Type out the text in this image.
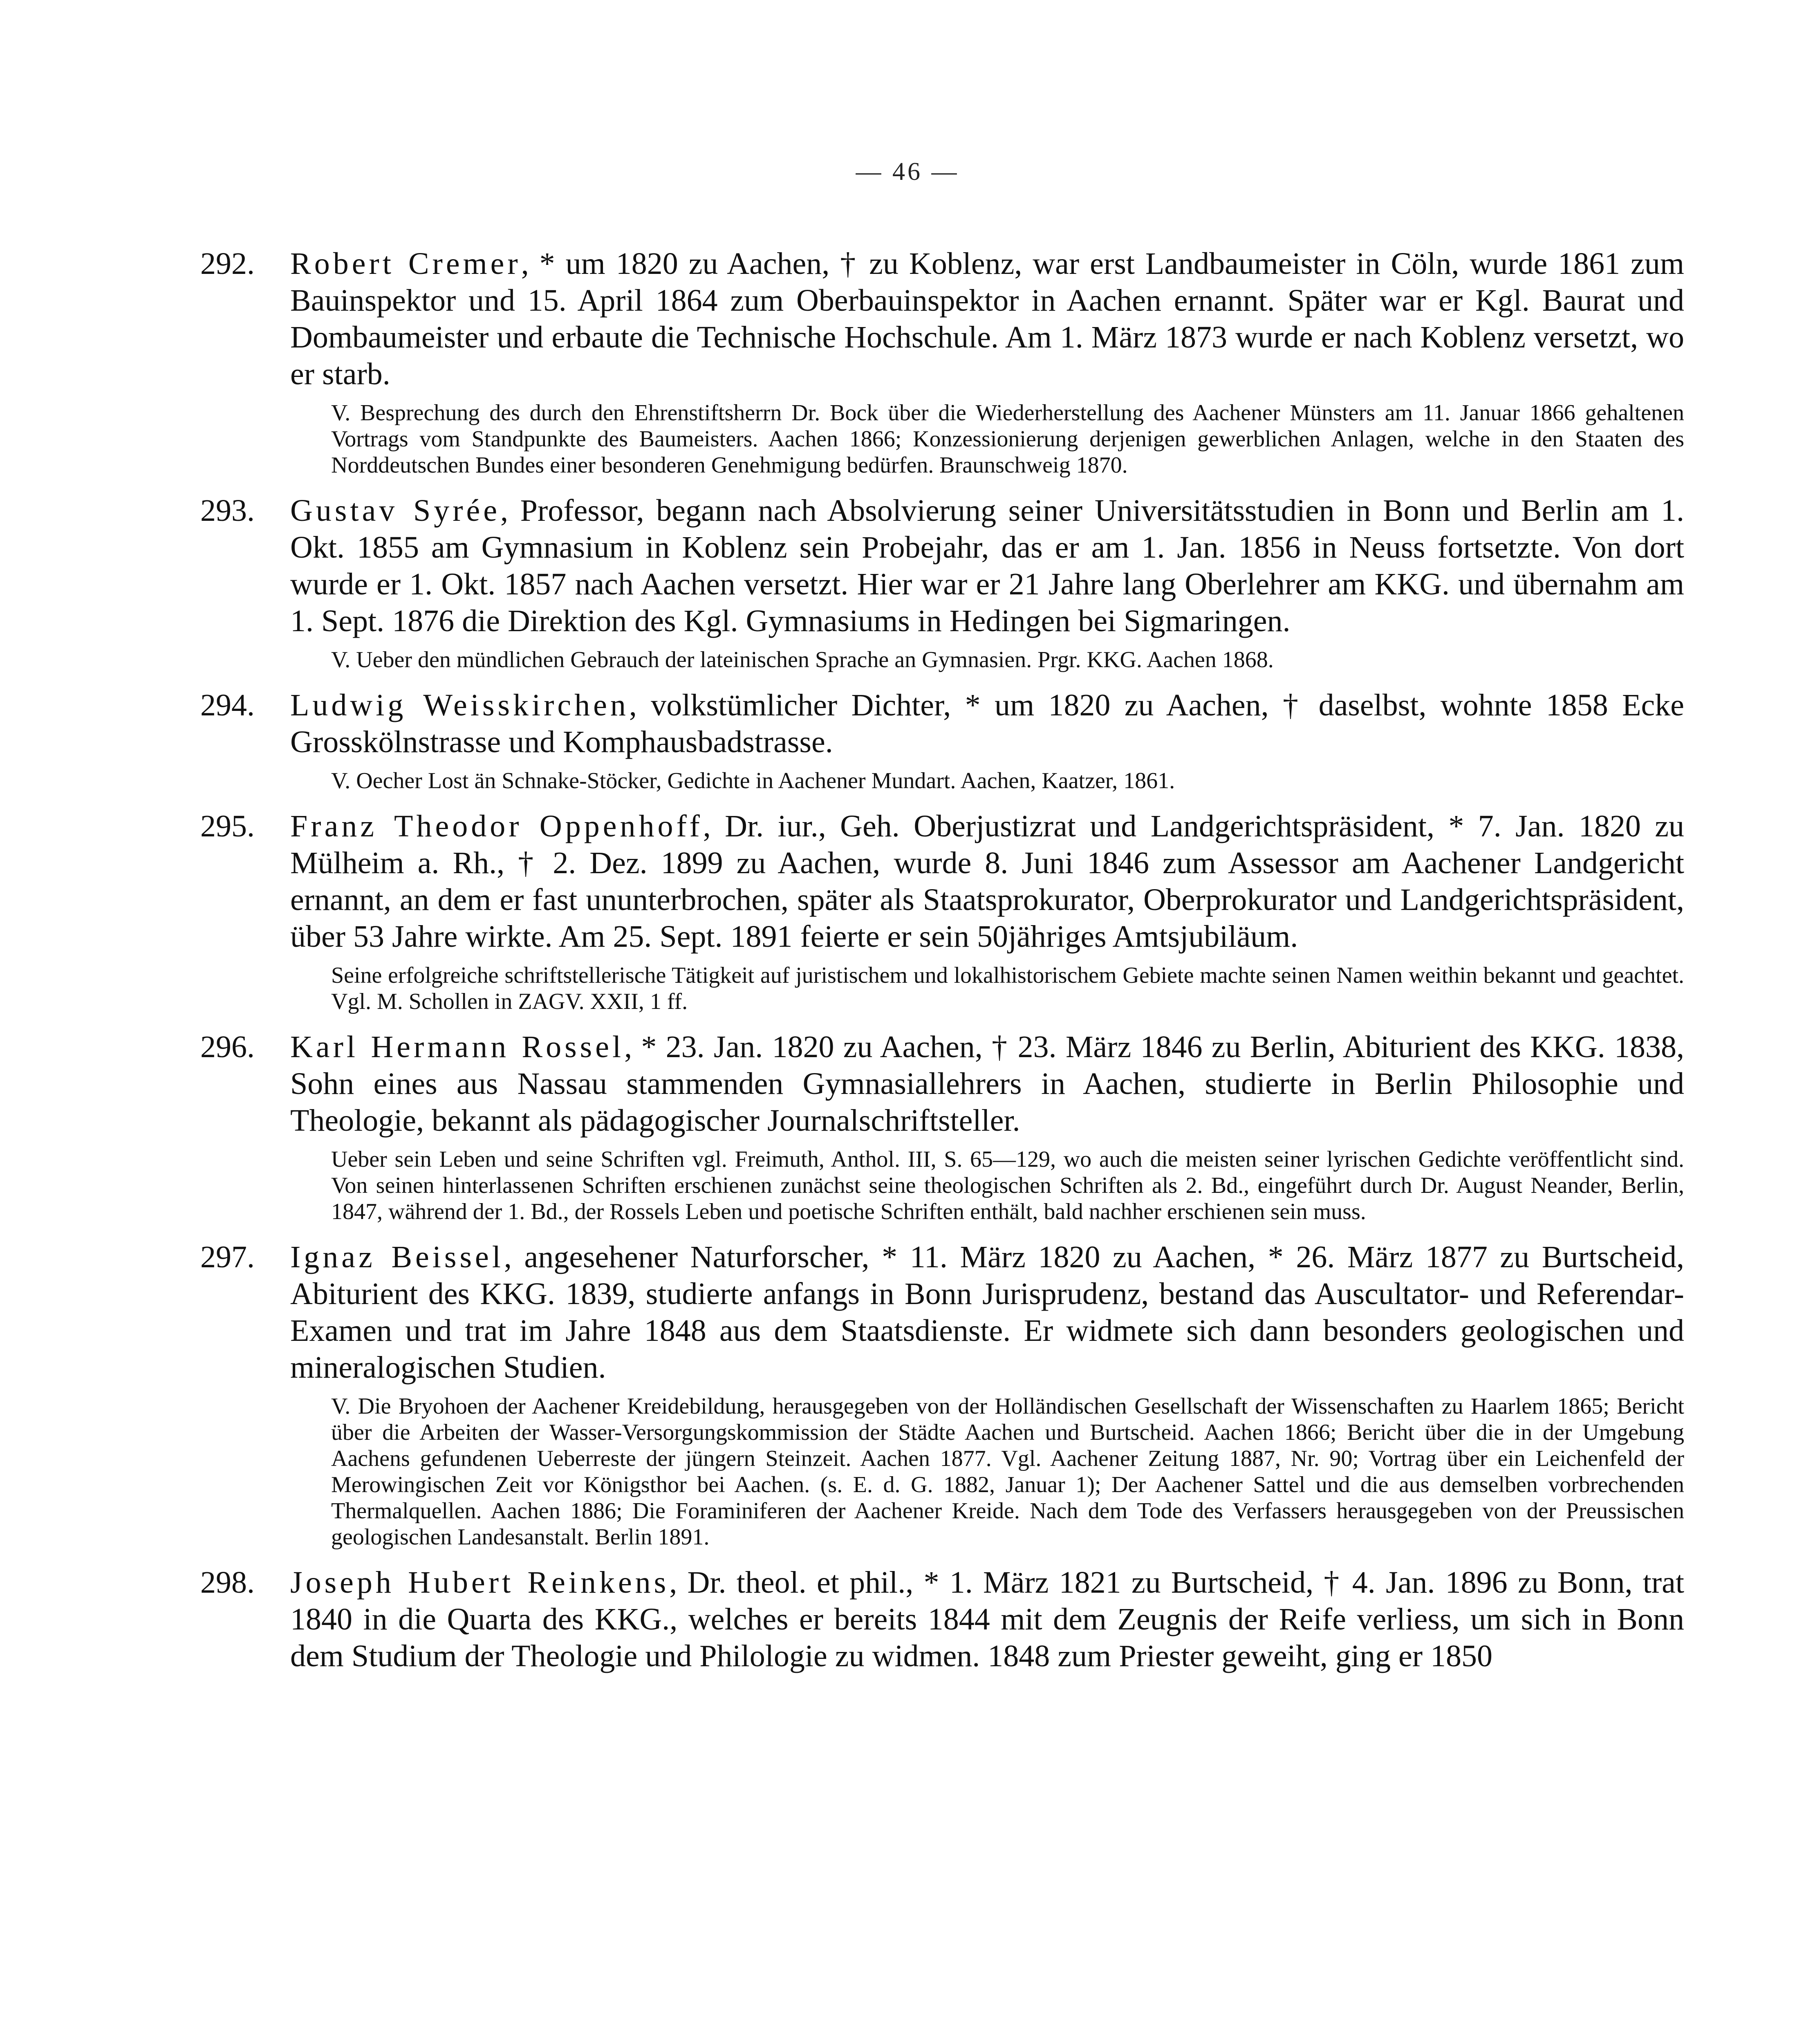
— 46 —
292.	Robert Cremer, * um 1820 zu Aachen, † zu Koblenz, war erst Landbaumeister in Cöln, wurde 1861 zum Bauinspektor und 15. April 1864 zum Oberbauinspektor in Aachen ernannt. Später war er Kgl. Baurat und Dombaumeister und erbaute die Technische Hochschule. Am 1. März 1873 wurde er nach Koblenz versetzt, wo er starb.
V. Besprechung des durch den Ehrenstiftsherrn Dr. Bock über die Wiederherstellung des Aachener Münsters am 11. Januar 1866 gehaltenen Vortrags vom Standpunkte des Baumeisters. Aachen 1866; Konzessionierung derjenigen gewerblichen Anlagen, welche in den Staaten des Norddeutschen Bundes einer besonderen Genehmigung bedürfen. Braunschweig 1870.
293.	Gustav Syrée, Professor, begann nach Absolvierung seiner Universitätsstudien in Bonn und Berlin am 1. Okt. 1855 am Gymnasium in Koblenz sein Probejahr, das er am 1. Jan. 1856 in Neuss fortsetzte. Von dort wurde er 1. Okt. 1857 nach Aachen versetzt. Hier war er 21 Jahre lang Oberlehrer am KKG. und übernahm am 1. Sept. 1876 die Direktion des Kgl. Gymnasiums in Hedingen bei Sigmaringen.
V. Ueber den mündlichen Gebrauch der lateinischen Sprache an Gymnasien. Prgr. KKG. Aachen 1868.
294.	Ludwig Weisskirchen, volkstümlicher Dichter, * um 1820 zu Aachen, † daselbst, wohnte 1858 Ecke Grosskölnstrasse und Komphausbadstrasse.
V. Oecher Lost än Schnake-Stöcker, Gedichte in Aachener Mundart. Aachen, Kaatzer, 1861.
295.	Franz Theodor Oppenhoff, Dr. iur., Geh. Oberjustizrat und Landgerichtspräsident, * 7. Jan. 1820 zu Mülheim a. Rh., † 2. Dez. 1899 zu Aachen, wurde 8. Juni 1846 zum Assessor am Aachener Landgericht ernannt, an dem er fast ununterbrochen, später als Staatsprokurator, Oberprokurator und Landgerichtspräsident, über 53 Jahre wirkte. Am 25. Sept. 1891 feierte er sein 50jähriges Amtsjubiläum.
Seine erfolgreiche schriftstellerische Tätigkeit auf juristischem und lokalhistorischem Gebiete machte seinen Namen weithin bekannt und geachtet. Vgl. M. Schollen in ZAGV. XXII, 1 ff.
296.	Karl Hermann Rossel, * 23. Jan. 1820 zu Aachen, † 23. März 1846 zu Berlin, Abiturient des KKG. 1838, Sohn eines aus Nassau stammenden Gymnasiallehrers in Aachen, studierte in Berlin Philosophie und Theologie, bekannt als pädagogischer Journalschriftsteller.
Ueber sein Leben und seine Schriften vgl. Freimuth, Anthol. III, S. 65—129, wo auch die meisten seiner lyrischen Gedichte veröffentlicht sind. Von seinen hinterlassenen Schriften erschienen zunächst seine theologischen Schriften als 2. Bd., eingeführt durch Dr. August Neander, Berlin, 1847, während der 1. Bd., der Rossels Leben und poetische Schriften enthält, bald nachher erschienen sein muss.
297.	Ignaz Beissel, angesehener Naturforscher, * 11. März 1820 zu Aachen, * 26. März 1877 zu Burtscheid, Abiturient des KKG. 1839, studierte anfangs in Bonn Jurisprudenz, bestand das Auscultator- und Referendar-Examen und trat im Jahre 1848 aus dem Staatsdienste. Er widmete sich dann besonders geologischen und mineralogischen Studien.
V. Die Bryohoen der Aachener Kreidebildung, herausgegeben von der Holländischen Gesellschaft der Wissenschaften zu Haarlem 1865; Bericht über die Arbeiten der Wasser-Versorgungskommission der Städte Aachen und Burtscheid. Aachen 1866; Bericht über die in der Umgebung Aachens gefundenen Ueberreste der jüngern Steinzeit. Aachen 1877. Vgl. Aachener Zeitung 1887, Nr. 90; Vortrag über ein Leichenfeld der Merowingischen Zeit vor Königsthor bei Aachen. (s. E. d. G. 1882, Januar 1); Der Aachener Sattel und die aus demselben vorbrechenden Thermalquellen. Aachen 1886; Die Foraminiferen der Aachener Kreide. Nach dem Tode des Verfassers herausgegeben von der Preussischen geologischen Landesanstalt. Berlin 1891.
298.	Joseph Hubert Reinkens, Dr. theol. et phil., * 1. März 1821 zu Burtscheid, † 4. Jan. 1896 zu Bonn, trat 1840 in die Quarta des KKG., welches er bereits 1844 mit dem Zeugnis der Reife verliess, um sich in Bonn dem Studium der Theologie und Philologie zu widmen. 1848 zum Priester geweiht, ging er 1850
